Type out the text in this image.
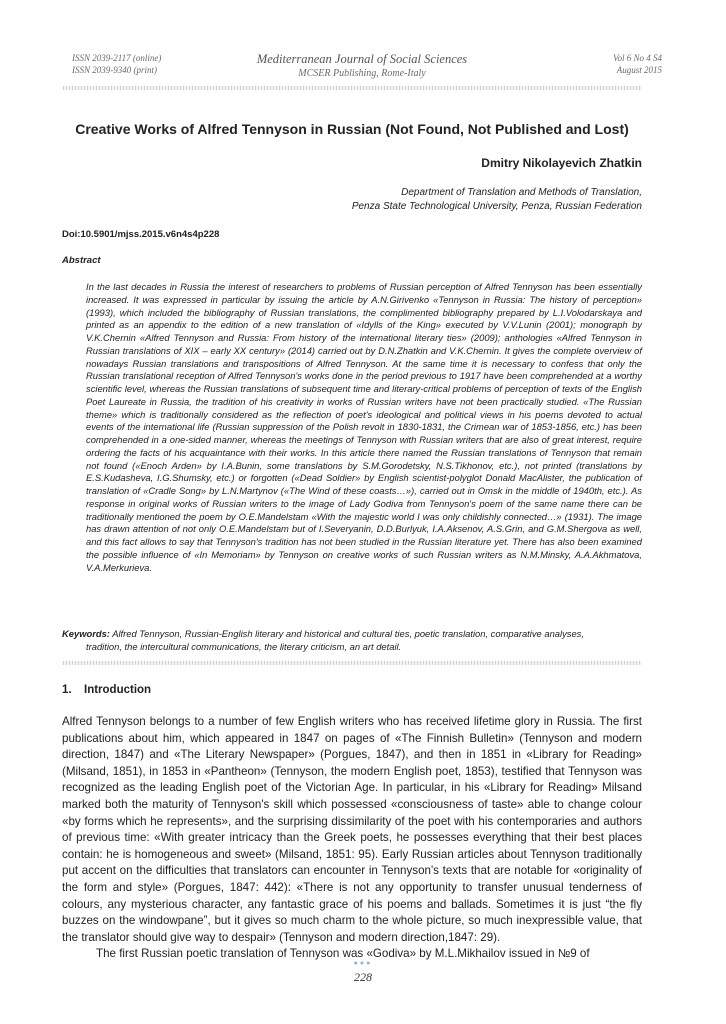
ISSN 2039-2117 (online)
ISSN 2039-9340 (print)
Mediterranean Journal of Social Sciences
MCSER Publishing, Rome-Italy
Vol 6 No 4 S4
August 2015
Creative Works of Alfred Tennyson in Russian (Not Found, Not Published and Lost)
Dmitry Nikolayevich Zhatkin
Department of Translation and Methods of Translation,
Penza State Technological University, Penza, Russian Federation
Doi:10.5901/mjss.2015.v6n4s4p228
Abstract
In the last decades in Russia the interest of researchers to problems of Russian perception of Alfred Tennyson has been essentially increased. It was expressed in particular by issuing the article by A.N.Girivenko «Tennyson in Russia: The history of perception» (1993), which included the bibliography of Russian translations, the complimented bibliography prepared by L.I.Volodarskaya and printed as an appendix to the edition of a new translation of «Idylls of the King» executed by V.V.Lunin (2001); monograph by V.K.Chernin «Alfred Tennyson and Russia: From history of the international literary ties» (2009); anthologies «Alfred Tennyson in Russian translations of XIX – early XX century» (2014) carried out by D.N.Zhatkin and V.K.Chernin. It gives the complete overview of nowadays Russian translations and transpositions of Alfred Tennyson. At the same time it is necessary to confess that only the Russian translational reception of Alfred Tennyson's works done in the period previous to 1917 have been comprehended at a worthy scientific level, whereas the Russian translations of subsequent time and literary-critical problems of perception of texts of the English Poet Laureate in Russia, the tradition of his creativity in works of Russian writers have not been practically studied. «The Russian theme» which is traditionally considered as the reflection of poet's ideological and political views in his poems devoted to actual events of the international life (Russian suppression of the Polish revolt in 1830-1831, the Crimean war of 1853-1856, etc.) has been comprehended in a one-sided manner, whereas the meetings of Tennyson with Russian writers that are also of great interest, require ordering the facts of his acquaintance with their works. In this article there named the Russian translations of Tennyson that remain not found («Enoch Arden» by I.A.Bunin, some translations by S.M.Gorodetsky, N.S.Tikhonov, etc.), not printed (translations by E.S.Kudasheva, I.G.Shumsky, etc.) or forgotten («Dead Soldier» by English scientist-polyglot Donald MacAlister, the publication of translation of «Cradle Song» by L.N.Martynov («The Wind of these coasts…»), carried out in Omsk in the middle of 1940th, etc.). As response in original works of Russian writers to the image of Lady Godiva from Tennyson's poem of the same name there can be traditionally mentioned the poem by O.E.Mandelstam «With the majestic world I was only childishly connected…» (1931). The image has drawn attention of not only O.E.Mandelstam but of I.Severyanin, D.D.Burlyuk, I.A.Aksenov, A.S.Grin, and G.M.Shergova as well, and this fact allows to say that Tennyson's tradition has not been studied in the Russian literature yet. There has also been examined the possible influence of «In Memoriam» by Tennyson on creative works of such Russian writers as N.M.Minsky, A.A.Akhmatova, V.A.Merkurieva.
Keywords: Alfred Tennyson, Russian-English literary and historical and cultural ties, poetic translation, comparative analyses,
tradition, the intercultural communications, the literary criticism, an art detail.
1. Introduction

Alfred Tennyson belongs to a number of few English writers who has received lifetime glory in Russia. The first publications about him, which appeared in 1847 on pages of «The Finnish Bulletin» (Tennyson and modern direction, 1847) and «The Literary Newspaper» (Porgues, 1847), and then in 1851 in «Library for Reading» (Milsand, 1851), in 1853 in «Pantheon» (Tennyson, the modern English poet, 1853), testified that Tennyson was recognized as the leading English poet of the Victorian Age. In particular, in his «Library for Reading» Milsand marked both the maturity of Tennyson's skill which possessed «consciousness of taste» able to change colour «by forms which he represents», and the surprising dissimilarity of the poet with his contemporaries and authors of previous time: «With greater intricacy than the Greek poets, he possesses everything that their best places contain: he is homogeneous and sweet» (Milsand, 1851: 95). Early Russian articles about Tennyson traditionally put accent on the difficulties that translators can encounter in Tennyson's texts that are notable for «originality of the form and style» (Porgues, 1847: 442): «There is not any opportunity to transfer unusual tenderness of colours, any mysterious character, any fantastic grace of his poems and ballads. Sometimes it is just “the fly buzzes on the windowpane”, but it gives so much charm to the whole picture, so much inexpressible value, that the translator should give way to despair» (Tennyson and modern direction,1847: 29).

The first Russian poetic translation of Tennyson was «Godiva» by M.L.Mikhailov issued in №9 of

●●●
228
